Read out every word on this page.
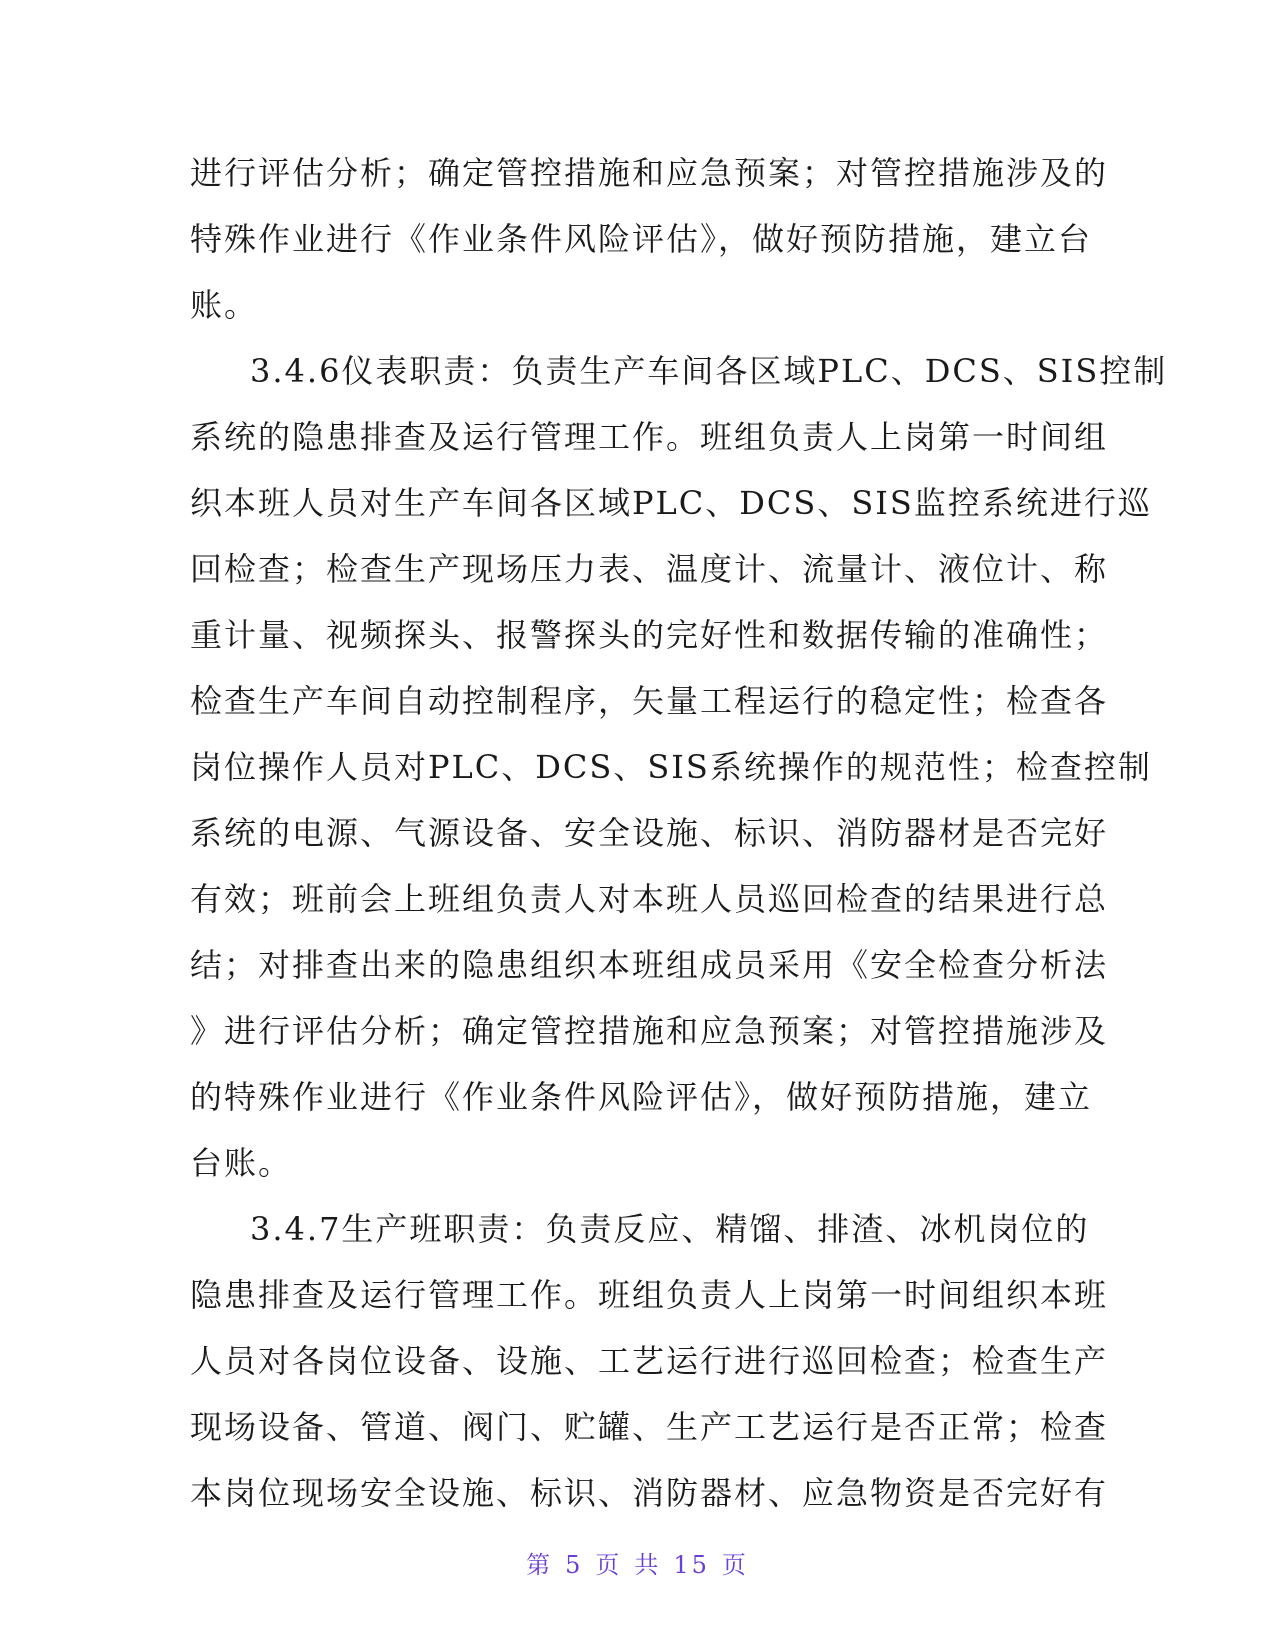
进行评估分析；确定管控措施和应急预案；对管控措施涉及的
特殊作业进行《作业条件风险评估》，做好预防措施，建立台
账。
3.4.6仪表职责：负责生产车间各区域PLC、DCS、SIS控制
系统的隐患排查及运行管理工作。班组负责人上岗第一时间组
织本班人员对生产车间各区域PLC、DCS、SIS监控系统进行巡
回检查；检查生产现场压力表、温度计、流量计、液位计、称
重计量、视频探头、报警探头的完好性和数据传输的准确性；
检查生产车间自动控制程序，矢量工程运行的稳定性；检查各
岗位操作人员对PLC、DCS、SIS系统操作的规范性；检查控制
系统的电源、气源设备、安全设施、标识、消防器材是否完好
有效；班前会上班组负责人对本班人员巡回检查的结果进行总
结；对排查出来的隐患组织本班组成员采用《安全检查分析法
》进行评估分析；确定管控措施和应急预案；对管控措施涉及
的特殊作业进行《作业条件风险评估》，做好预防措施，建立
台账。
3.4.7生产班职责：负责反应、精馏、排渣、冰机岗位的
隐患排查及运行管理工作。班组负责人上岗第一时间组织本班
人员对各岗位设备、设施、工艺运行进行巡回检查；检查生产
现场设备、管道、阀门、贮罐、生产工艺运行是否正常；检查
本岗位现场安全设施、标识、消防器材、应急物资是否完好有
第 5 页 共 15 页
